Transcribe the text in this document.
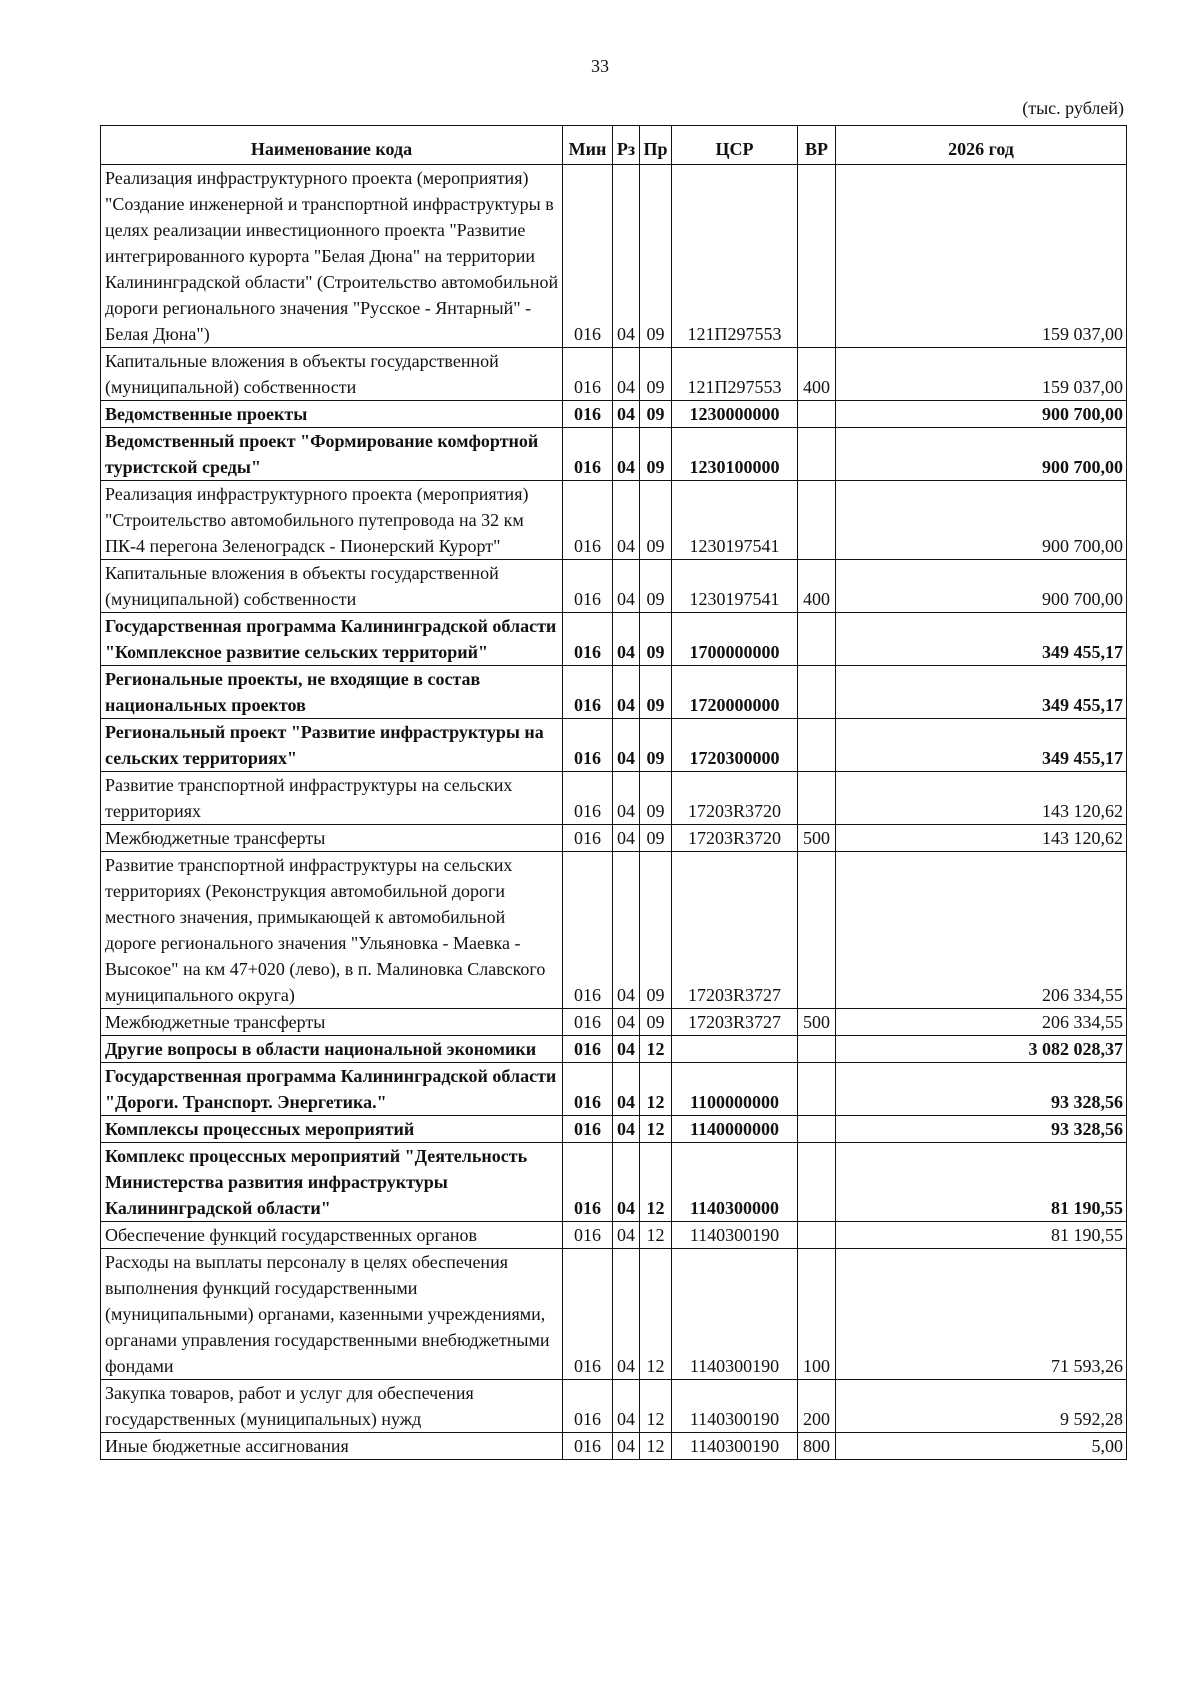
33
(тыс. рублей)
Наименование кода	Мин	Рз	Пр	ЦСР	ВР	2026 год
Реализация инфраструктурного проекта (мероприятия) "Создание инженерной и транспортной инфраструктуры в целях реализации инвестиционного проекта "Развитие интегрированного курорта "Белая Дюна" на территории Калининградской области" (Строительство автомобильной дороги регионального значения "Русское - Янтарный" - Белая Дюна")	016	04	09	121П297553		159 037,00
Капитальные вложения в объекты государственной (муниципальной) собственности	016	04	09	121П297553	400	159 037,00
Ведомственные проекты	016	04	09	1230000000		900 700,00
Ведомственный проект "Формирование комфортной туристской среды"	016	04	09	1230100000		900 700,00
Реализация инфраструктурного проекта (мероприятия) "Строительство автомобильного путепровода на 32 км ПК-4 перегона Зеленоградск - Пионерский Курорт"	016	04	09	1230197541		900 700,00
Капитальные вложения в объекты государственной (муниципальной) собственности	016	04	09	1230197541	400	900 700,00
Государственная программа Калининградской области "Комплексное развитие сельских территорий"	016	04	09	1700000000		349 455,17
Региональные проекты, не входящие в состав национальных проектов	016	04	09	1720000000		349 455,17
Региональный проект "Развитие инфраструктуры на сельских территориях"	016	04	09	1720300000		349 455,17
Развитие транспортной инфраструктуры на сельских территориях	016	04	09	17203R3720		143 120,62
Межбюджетные трансферты	016	04	09	17203R3720	500	143 120,62
Развитие транспортной инфраструктуры на сельских территориях (Реконструкция автомобильной дороги местного значения, примыкающей к автомобильной дороге регионального значения "Ульяновка - Маевка - Высокое" на км 47+020 (лево), в п. Малиновка Славского муниципального округа)	016	04	09	17203R3727		206 334,55
Межбюджетные трансферты	016	04	09	17203R3727	500	206 334,55
Другие вопросы в области национальной экономики	016	04	12			3 082 028,37
Государственная программа Калининградской области "Дороги. Транспорт. Энергетика."	016	04	12	1100000000		93 328,56
Комплексы процессных мероприятий	016	04	12	1140000000		93 328,56
Комплекс процессных мероприятий "Деятельность Министерства развития инфраструктуры Калининградской области"	016	04	12	1140300000		81 190,55
Обеспечение функций государственных органов	016	04	12	1140300190		81 190,55
Расходы на выплаты персоналу в целях обеспечения выполнения функций государственными (муниципальными) органами, казенными учреждениями, органами управления государственными внебюджетными фондами	016	04	12	1140300190	100	71 593,26
Закупка товаров, работ и услуг для обеспечения государственных (муниципальных) нужд	016	04	12	1140300190	200	9 592,28
Иные бюджетные ассигнования	016	04	12	1140300190	800	5,00
